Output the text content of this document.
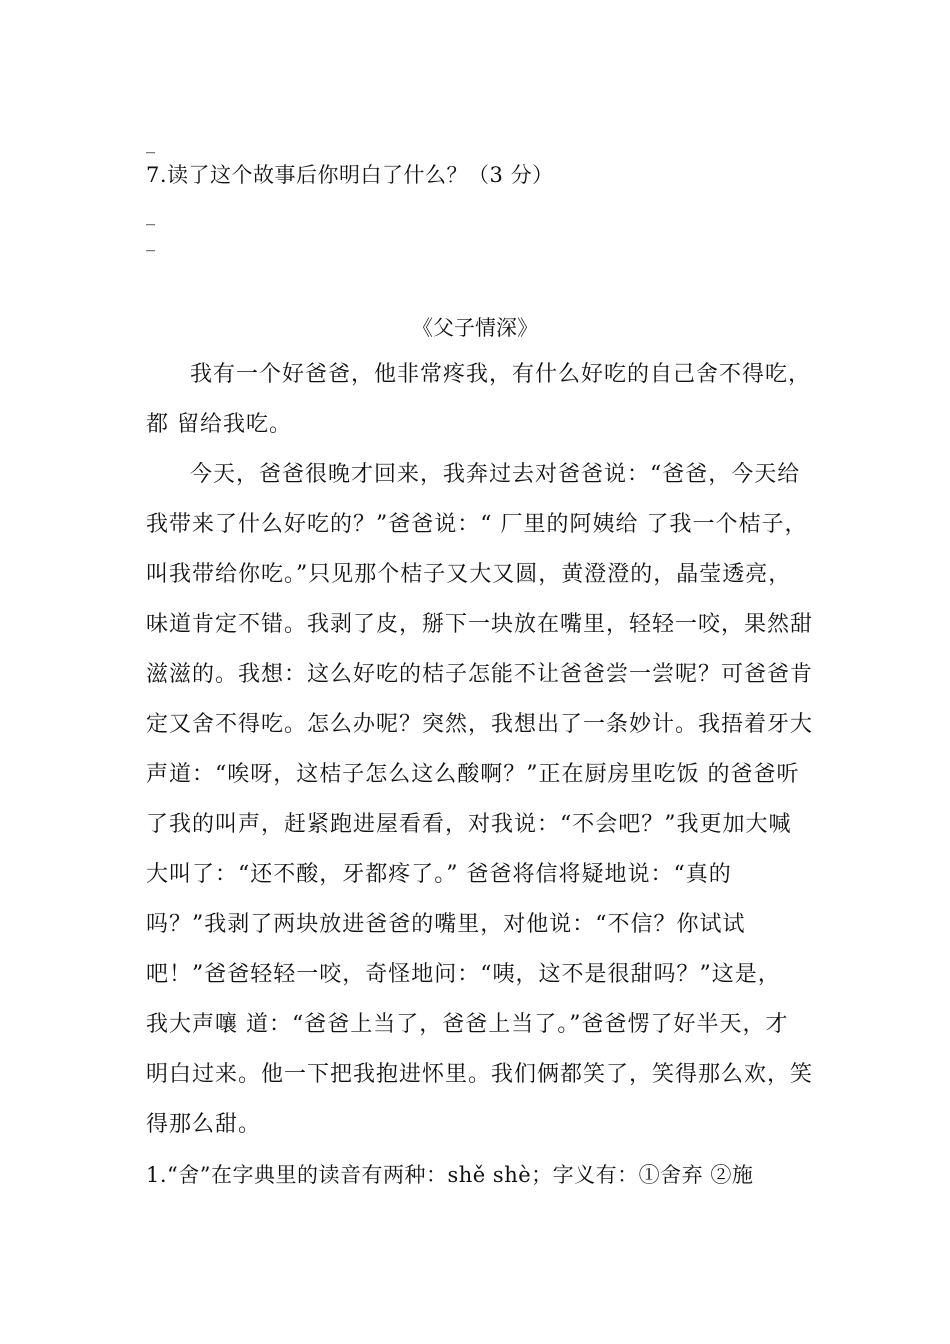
_
7.读了这个故事后你明白了什么？（3 分）
_
_
《父子情深》
我有一个好爸爸，他非常疼我，有什么好吃的自己舍不得吃，
都 留给我吃。
今天，爸爸很晚才回来，我奔过去对爸爸说：“爸爸，今天给
我带来了什么好吃的？”爸爸说：“ 厂里的阿姨给 了我一个桔子，
叫我带给你吃。”只见那个桔子又大又圆，黄澄澄的，晶莹透亮，
味道肯定不错。我剥了皮，掰下一块放在嘴里，轻轻一咬，果然甜
滋滋的。我想：这么好吃的桔子怎能不让爸爸尝一尝呢？可爸爸肯
定又舍不得吃。怎么办呢？突然，我想出了一条妙计。我捂着牙大
声道：“唉呀，这桔子怎么这么酸啊？”正在厨房里吃饭 的爸爸听
了我的叫声，赶紧跑进屋看看，对我说：“不会吧？”我更加大喊
大叫了：“还不酸，牙都疼了。” 爸爸将信将疑地说：“真的
吗？”我剥了两块放进爸爸的嘴里，对他说：“不信？你试试
吧！”爸爸轻轻一咬，奇怪地问：“咦，这不是很甜吗？”这是，
我大声嚷 道：“爸爸上当了，爸爸上当了。”爸爸愣了好半天，才
明白过来。他一下把我抱进怀里。我们俩都笑了，笑得那么欢，笑
得那么甜。
1.“舍”在字典里的读音有两种：shě shè；字义有：①舍弃 ②施
